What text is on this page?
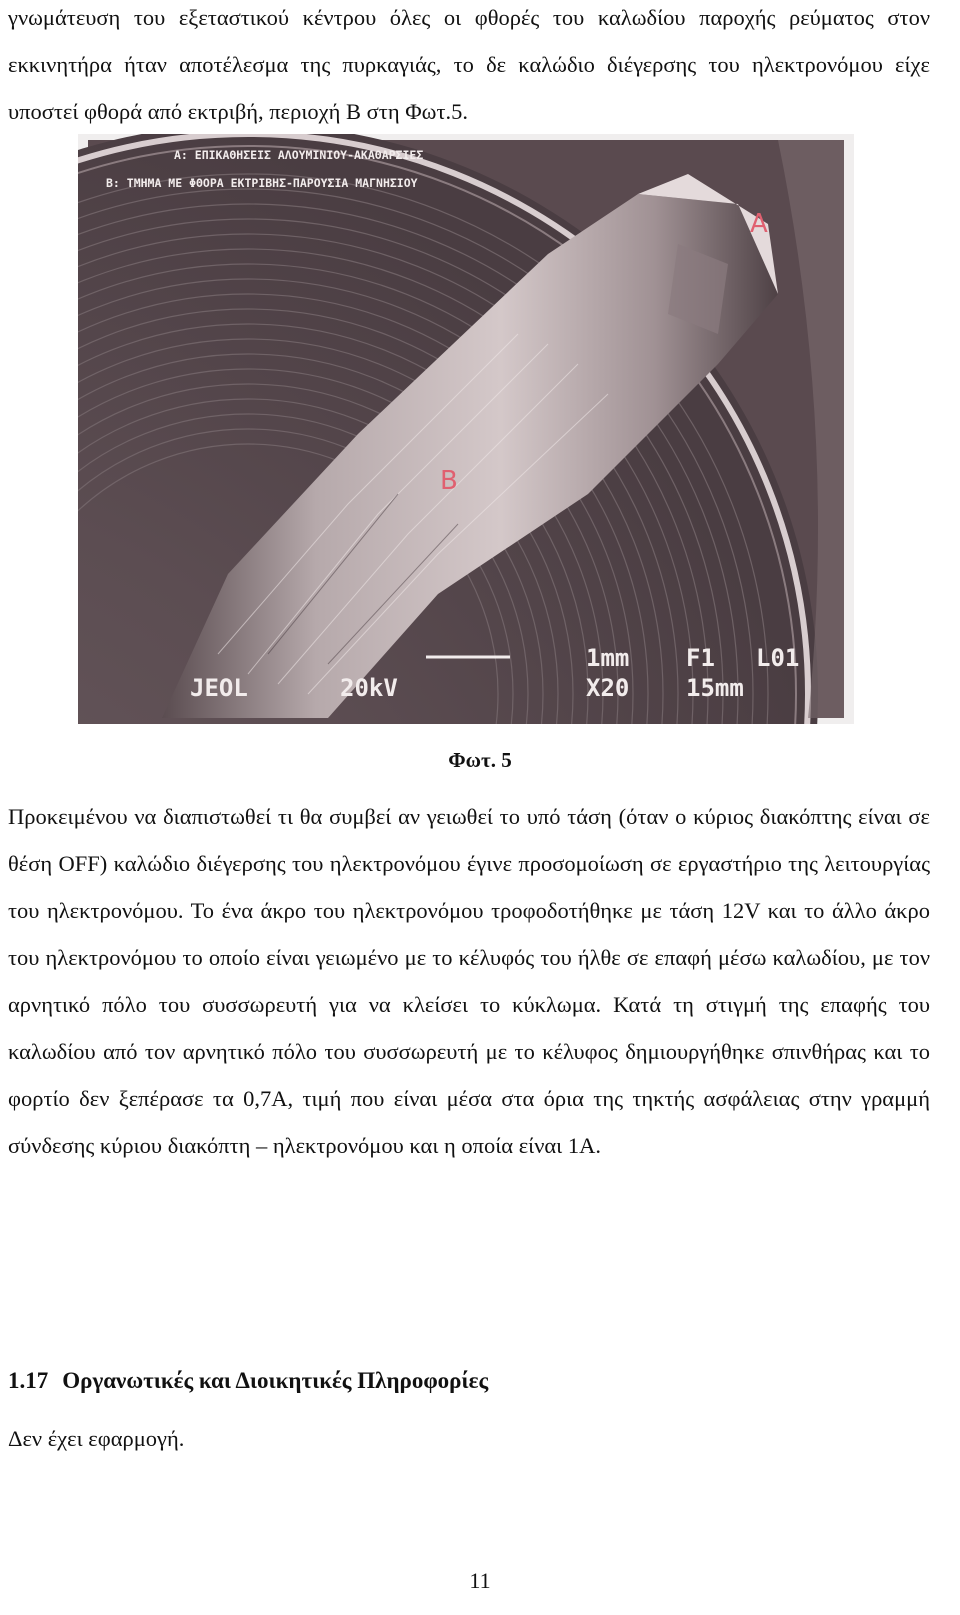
γνωμάτευση του εξεταστικού κέντρου όλες οι φθορές του καλωδίου παροχής ρεύματος στον εκκινητήρα ήταν αποτέλεσμα της πυρκαγιάς, το δε καλώδιο διέγερσης του ηλεκτρονόμου είχε υποστεί φθορά από εκτριβή, περιοχή B στη Φωτ.5.

Α: ΕΠΙΚΑΘΗΣΕΙΣ ΑΛΟΥΜΙΝΙΟΥ-ΑΚΑΘΑΡΣΙΕΣ
Β: ΤΜΗΜΑ ΜΕ ΦΘΟΡΑ ΕΚΤΡΙΒΗΣ-ΠΑΡΟΥΣΙΑ ΜΑΓΝΗΣΙΟΥ
A
B
1mm F1 L01
JEOL	20kV	X20 15mm
Φωτ. 5

Προκειμένου να διαπιστωθεί τι θα συμβεί αν γειωθεί το υπό τάση (όταν ο κύριος διακόπτης είναι σε θέση OFF) καλώδιο διέγερσης του ηλεκτρονόμου έγινε προσομοίωση σε εργαστήριο της λειτουργίας του ηλεκτρονόμου. Το ένα άκρο του ηλεκτρονόμου τροφοδοτήθηκε με τάση 12V και το άλλο άκρο του ηλεκτρονόμου το οποίο είναι γειωμένο με το κέλυφός του ήλθε σε επαφή μέσω καλωδίου, με τον αρνητικό πόλο του συσσωρευτή για να κλείσει το κύκλωμα. Κατά τη στιγμή της επαφής του καλωδίου από τον αρνητικό πόλο του συσσωρευτή με το κέλυφος δημιουργήθηκε σπινθήρας και το φορτίο δεν ξεπέρασε τα 0,7A, τιμή που είναι μέσα στα όρια της τηκτής ασφάλειας στην γραμμή σύνδεσης κύριου διακόπτη – ηλεκτρονόμου και η οποία είναι 1A.

1.17 Οργανωτικές και Διοικητικές Πληροφορίες

Δεν έχει εφαρμογή.

11
